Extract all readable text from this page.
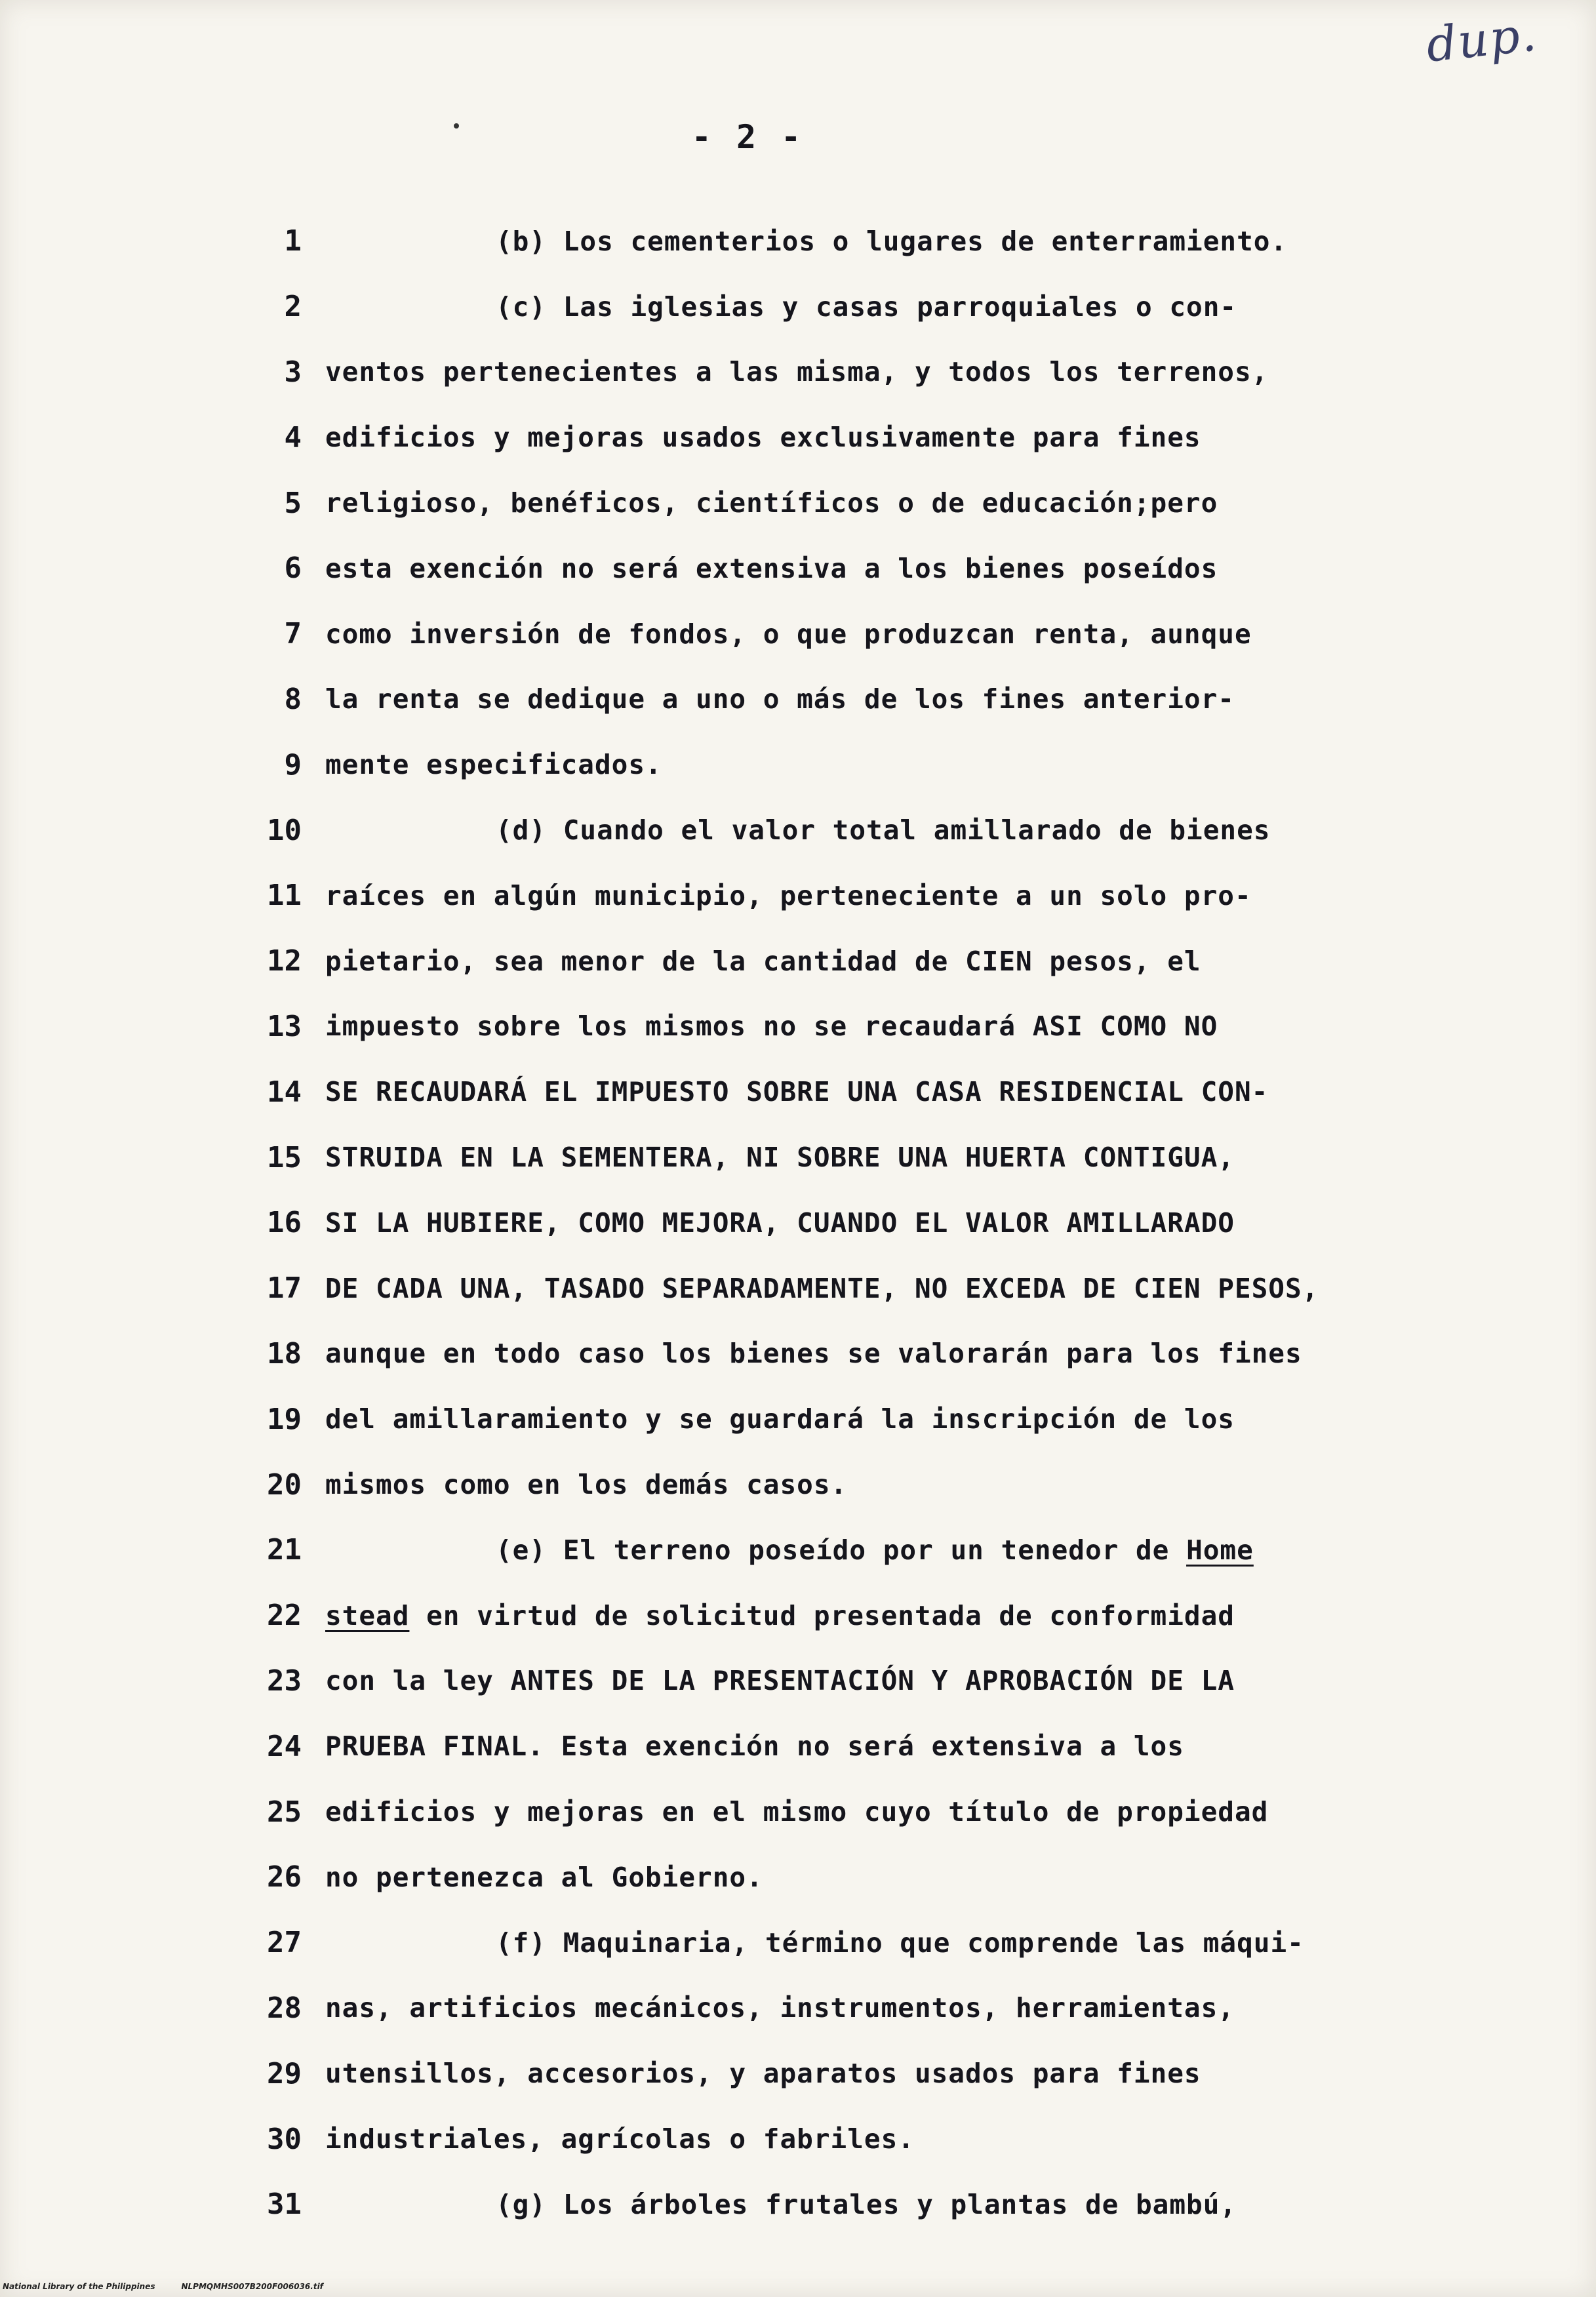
dup.
- 2 -
1	(b) Los cementerios o lugares de enterramiento.
2	(c) Las iglesias y casas parroquiales o con-
3 ventos pertenecientes a las misma, y todos los terrenos,
4 edificios y mejoras usados exclusivamente para fines
5 religioso, benéficos, científicos o de educación;pero
6 esta exención no será extensiva a los bienes poseídos
7 como inversión de fondos, o que produzcan renta, aunque
8 la renta se dedique a uno o más de los fines anterior-
9 mente especificados.
10	(d) Cuando el valor total amillarado de bienes
11 raíces en algún municipio, perteneciente a un solo pro-
12 pietario, sea menor de la cantidad de CIEN pesos, el
13 impuesto sobre los mismos no se recaudará ASI COMO NO
14 SE RECAUDARÁ EL IMPUESTO SOBRE UNA CASA RESIDENCIAL CON-
15 STRUIDA EN LA SEMENTERA, NI SOBRE UNA HUERTA CONTIGUA,
16 SI LA HUBIERE, COMO MEJORA, CUANDO EL VALOR AMILLARADO
17 DE CADA UNA, TASADO SEPARADAMENTE, NO EXCEDA DE CIEN PESOS,
18 aunque en todo caso los bienes se valorarán para los fines
19 del amillaramiento y se guardará la inscripción de los
20 mismos como en los demás casos.
21	(e) El terreno poseído por un tenedor de Home
22 stead en virtud de solicitud presentada de conformidad
23 con la ley ANTES DE LA PRESENTACIÓN Y APROBACIÓN DE LA
24 PRUEBA FINAL. Esta exención no será extensiva a los
25 edificios y mejoras en el mismo cuyo título de propiedad
26 no pertenezca al Gobierno.
27	(f) Maquinaria, término que comprende las máqui-
28 nas, artificios mecánicos, instrumentos, herramientas,
29 utensillos, accesorios, y aparatos usados para fines
30 industriales, agrícolas o fabriles.
31	(g) Los árboles frutales y plantas de bambú,
National Library of the Philippines	NLPMQMHS007B200F006036.tif
